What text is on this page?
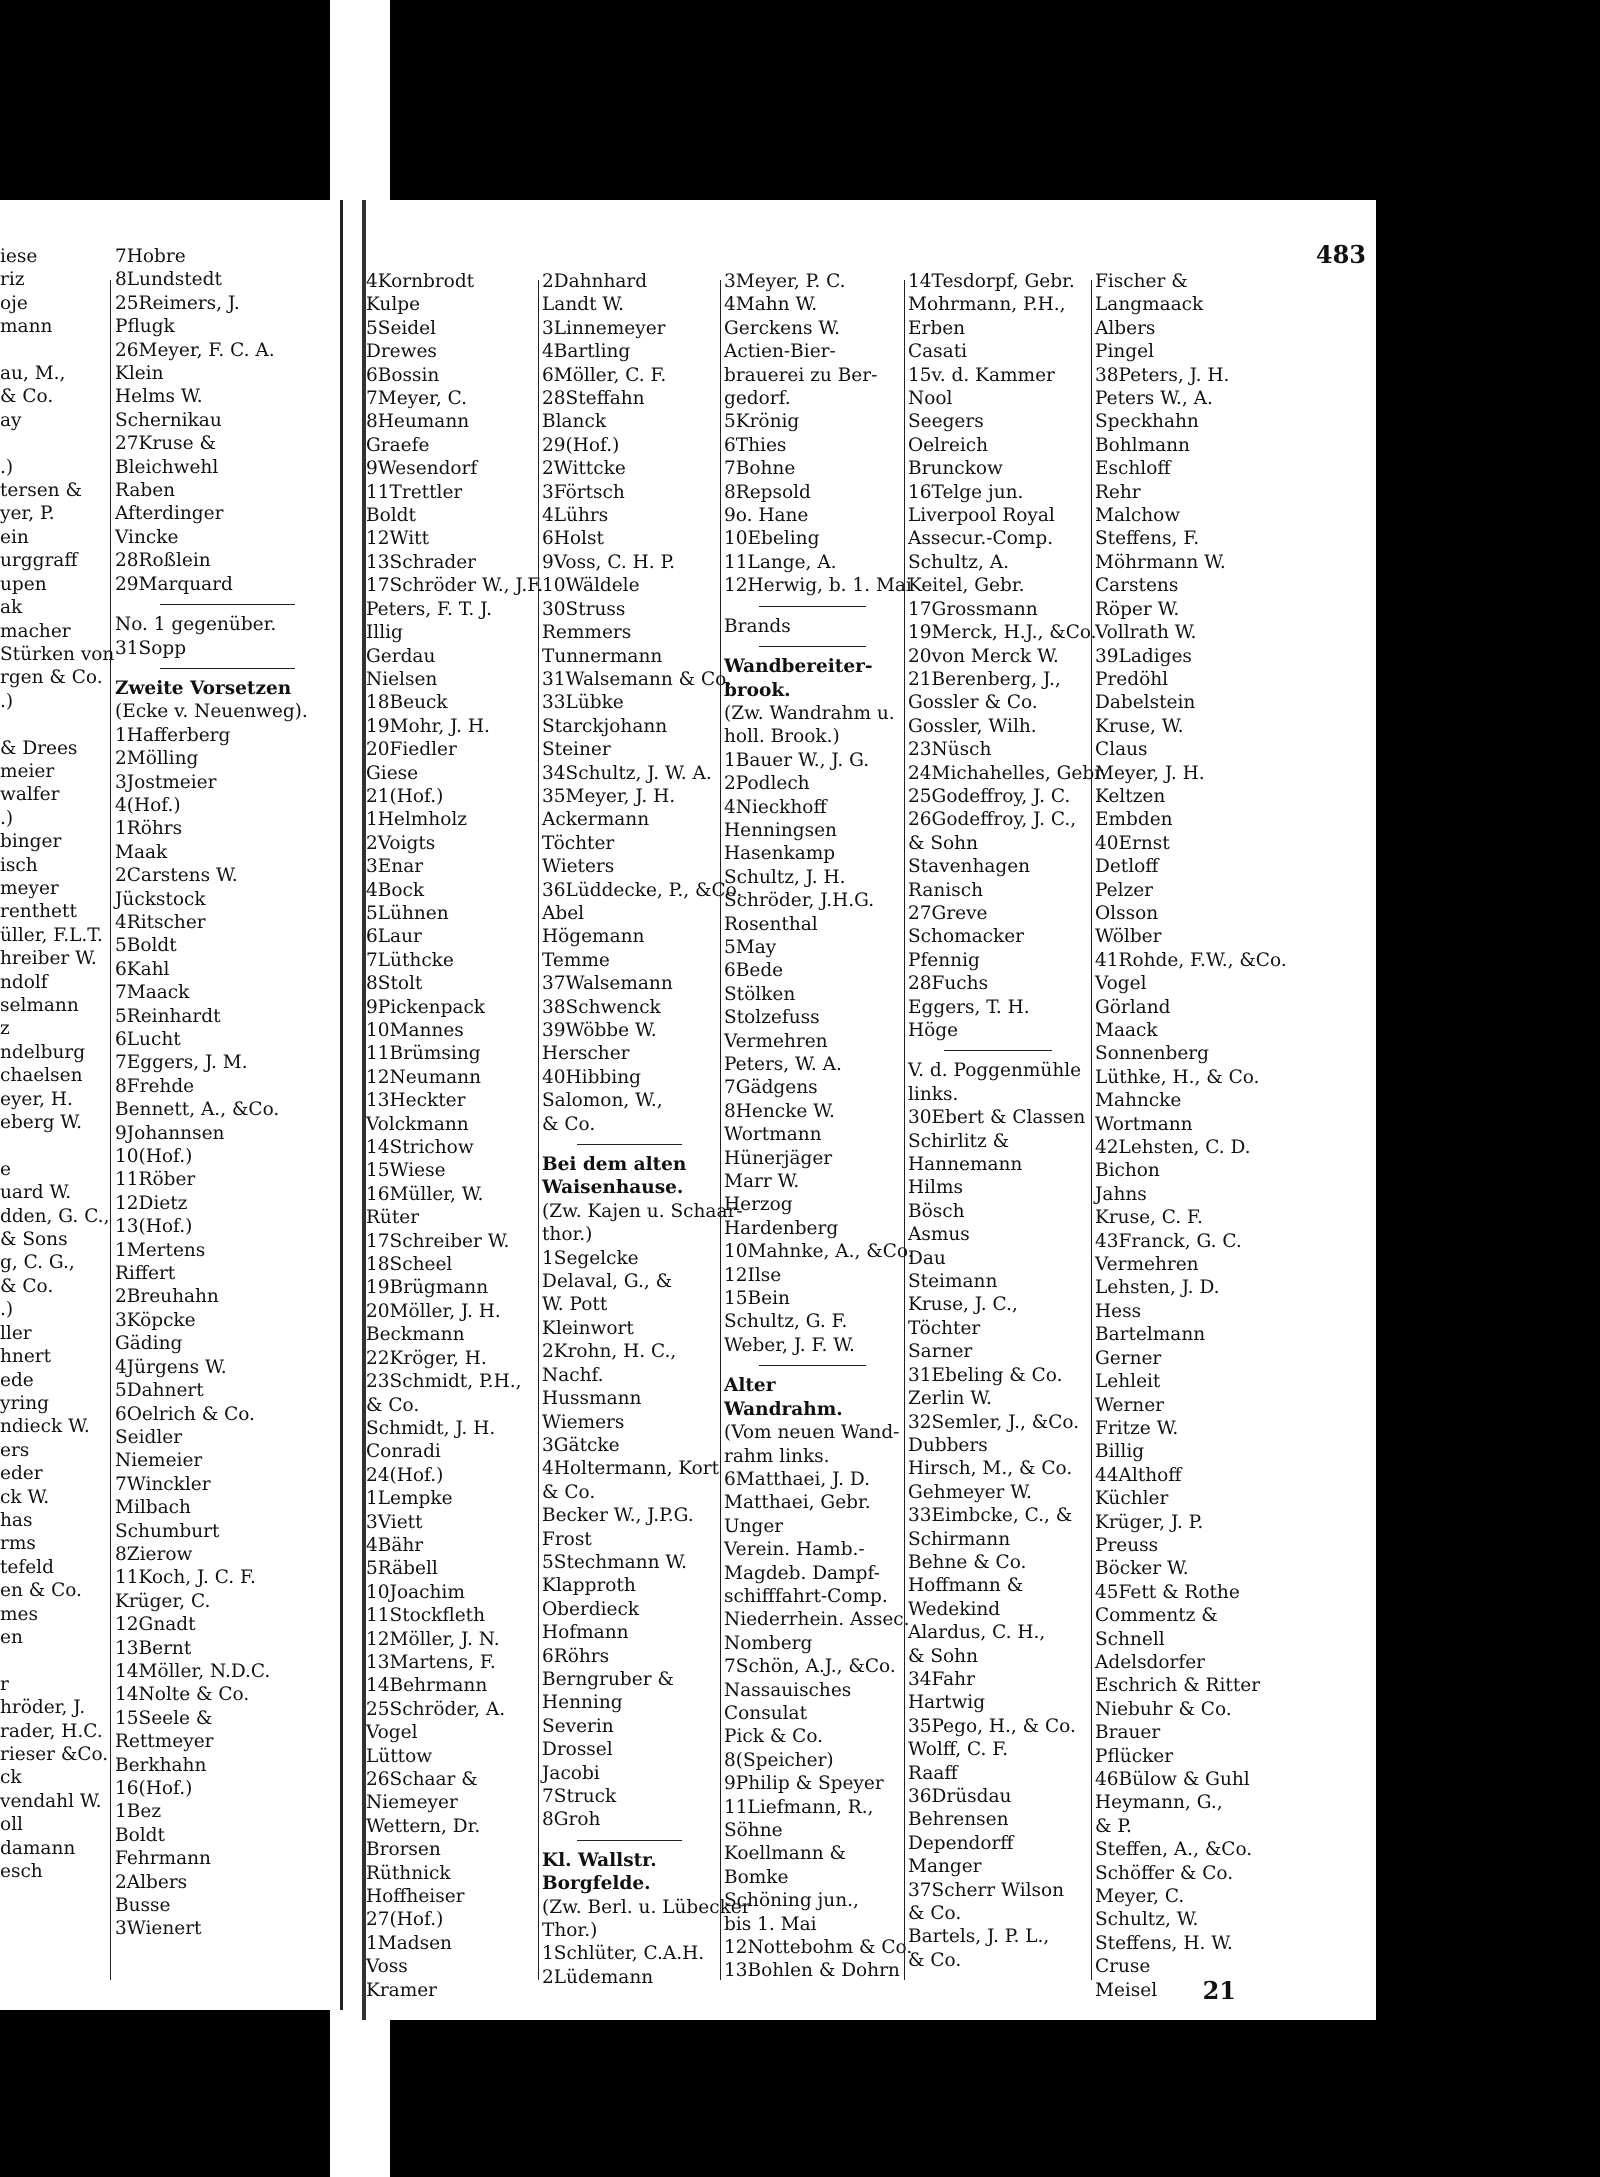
iese
riz
oje
mann

au, M.,
& Co.
ay

.)
tersen &
yer, P.
ein
urggraff
upen
ak
macher
Stürken von
rgen & Co.
.)

& Drees
meier
walfer
.)
binger
isch
meyer
renthett
üller, F.L.T.
hreiber W.
ndolf
selmann
z
ndelburg
chaelsen
eyer, H.
eberg W.

e
uard W.
dden, G. C.,
& Sons
g, C. G.,
& Co.
.)
ller
hnert
ede
yring
ndieck W.
ers
eder
ck W.
has
rms
tefeld
en & Co.
mes
en

r
hröder, J.
rader, H.C.
rieser &Co.
ck
vendahl W.
oll
damann
esch
7Hobre
8Lundstedt
25Reimers, J.
Pflugk
26Meyer, F. C. A.
Klein
Helms W.
Schernikau
27Kruse &
Bleichwehl
Raben
Afterdinger
Vincke
28Roßlein
29Marquard
No. 1 gegenüber.
31Sopp
Zweite Vorsetzen
(Ecke v. Neuenweg).
1Hafferberg
2Mölling
3Jostmeier
4(Hof.)
1Röhrs
Maak
2Carstens W.
Jückstock
4Ritscher
5Boldt
6Kahl
7Maack
5Reinhardt
6Lucht
7Eggers, J. M.
8Frehde
Bennett, A., &Co.
9Johannsen
10(Hof.)
11Röber
12Dietz
13(Hof.)
1Mertens
Riffert
2Breuhahn
3Köpcke
Gäding
4Jürgens W.
5Dahnert
6Oelrich & Co.
Seidler
Niemeier
7Winckler
Milbach
Schumburt
8Zierow
11Koch, J. C. F.
Krüger, C.
12Gnadt
13Bernt
14Möller, N.D.C.
14Nolte & Co.
15Seele &
Rettmeyer
Berkhahn
16(Hof.)
1Bez
Boldt
Fehrmann
2Albers
Busse
3Wienert
483
4Kornbrodt
Kulpe
5Seidel
Drewes
6Bossin
7Meyer, C.
8Heumann
Graefe
9Wesendorf
11Trettler
Boldt
12Witt
13Schrader
17Schröder W., J.F.
Peters, F. T. J.
Illig
Gerdau
Nielsen
18Beuck
19Mohr, J. H.
20Fiedler
Giese
21(Hof.)
1Helmholz
2Voigts
3Enar
4Bock
5Lühnen
6Laur
7Lüthcke
8Stolt
9Pickenpack
10Mannes
11Brümsing
12Neumann
13Heckter
Volckmann
14Strichow
15Wiese
16Müller, W.
Rüter
17Schreiber W.
18Scheel
19Brügmann
20Möller, J. H.
Beckmann
22Kröger, H.
23Schmidt, P.H.,
& Co.
Schmidt, J. H.
Conradi
24(Hof.)
1Lempke
3Viett
4Bähr
5Räbell
10Joachim
11Stockfleth
12Möller, J. N.
13Martens, F.
14Behrmann
25Schröder, A.
Vogel
Lüttow
26Schaar &
Niemeyer
Wettern, Dr.
Brorsen
Rüthnick
Hoffheiser
27(Hof.)
1Madsen
Voss
Kramer
2Dahnhard
Landt W.
3Linnemeyer
4Bartling
6Möller, C. F.
28Steffahn
Blanck
29(Hof.)
2Wittcke
3Förtsch
4Lührs
6Holst
9Voss, C. H. P.
10Wäldele
30Struss
Remmers
Tunnermann
31Walsemann & Co.
33Lübke
Starckjohann
Steiner
34Schultz, J. W. A.
35Meyer, J. H.
Ackermann
Töchter
Wieters
36Lüddecke, P., &Co.
Abel
Högemann
Temme
37Walsemann
38Schwenck
39Wöbbe W.
Herscher
40Hibbing
Salomon, W.,
& Co.
Bei dem alten
Waisenhause.
(Zw. Kajen u. Schaar-
thor.)
1Segelcke
Delaval, G., &
W. Pott
Kleinwort
2Krohn, H. C.,
Nachf.
Hussmann
Wiemers
3Gätcke
4Holtermann, Kort
& Co.
Becker W., J.P.G.
Frost
5Stechmann W.
Klapproth
Oberdieck
Hofmann
6Röhrs
Berngruber &
Henning
Severin
Drossel
Jacobi
7Struck
8Groh
Kl. Wallstr.
Borgfelde.
(Zw. Berl. u. Lübecker
Thor.)
1Schlüter, C.A.H.
2Lüdemann
3Meyer, P. C.
4Mahn W.
Gerckens W.
Actien-Bier-
brauerei zu Ber-
gedorf.
5Krönig
6Thies
7Bohne
8Repsold
9o. Hane
10Ebeling
11Lange, A.
12Herwig, b. 1. Mai
Brands
Wandbereiter-
brook.
(Zw. Wandrahm u.
holl. Brook.)
1Bauer W., J. G.
2Podlech
4Nieckhoff
Henningsen
Hasenkamp
Schultz, J. H.
Schröder, J.H.G.
Rosenthal
5May
6Bede
Stölken
Stolzefuss
Vermehren
Peters, W. A.
7Gädgens
8Hencke W.
Wortmann
Hünerjäger
Marr W.
Herzog
Hardenberg
10Mahnke, A., &Co.
12Ilse
15Bein
Schultz, G. F.
Weber, J. F. W.
Alter
Wandrahm.
(Vom neuen Wand-
rahm links.
6Matthaei, J. D.
Matthaei, Gebr.
Unger
Verein. Hamb.-
Magdeb. Dampf-
schifffahrt-Comp.
Niederrhein. Assec.
Nomberg
7Schön, A.J., &Co.
Nassauisches
Consulat
Pick & Co.
8(Speicher)
9Philip & Speyer
11Liefmann, R.,
Söhne
Koellmann &
Bomke
Schöning jun.,
bis 1. Mai
12Nottebohm & Co.
13Bohlen & Dohrn
14Tesdorpf, Gebr.
Mohrmann, P.H.,
Erben
Casati
15v. d. Kammer
Nool
Seegers
Oelreich
Brunckow
16Telge jun.
Liverpool Royal
Assecur.-Comp.
Schultz, A.
Keitel, Gebr.
17Grossmann
19Merck, H.J., &Co.
20von Merck W.
21Berenberg, J.,
Gossler & Co.
Gossler, Wilh.
23Nüsch
24Michahelles, Gebr.
25Godeffroy, J. C.
26Godeffroy, J. C.,
& Sohn
Stavenhagen
Ranisch
27Greve
Schomacker
Pfennig
28Fuchs
Eggers, T. H.
Höge
V. d. Poggenmühle
links.
30Ebert & Classen
Schirlitz &
Hannemann
Hilms
Bösch
Asmus
Dau
Steimann
Kruse, J. C.,
Töchter
Sarner
31Ebeling & Co.
Zerlin W.
32Semler, J., &Co.
Dubbers
Hirsch, M., & Co.
Gehmeyer W.
33Eimbcke, C., &
Schirmann
Behne & Co.
Hoffmann &
Wedekind
Alardus, C. H.,
& Sohn
34Fahr
Hartwig
35Pego, H., & Co.
Wolff, C. F.
Raaff
36Drüsdau
Behrensen
Dependorff
Manger
37Scherr Wilson
& Co.
Bartels, J. P. L.,
& Co.
Fischer &
Langmaack
Albers
Pingel
38Peters, J. H.
Peters W., A.
Speckhahn
Bohlmann
Eschloff
Rehr
Malchow
Steffens, F.
Möhrmann W.
Carstens
Röper W.
Vollrath W.
39Ladiges
Predöhl
Dabelstein
Kruse, W.
Claus
Meyer, J. H.
Keltzen
Embden
40Ernst
Detloff
Pelzer
Olsson
Wölber
41Rohde, F.W., &Co.
Vogel
Görland
Maack
Sonnenberg
Lüthke, H., & Co.
Mahncke
Wortmann
42Lehsten, C. D.
Bichon
Jahns
Kruse, C. F.
43Franck, G. C.
Vermehren
Lehsten, J. D.
Hess
Bartelmann
Gerner
Lehleit
Werner
Fritze W.
Billig
44Althoff
Küchler
Krüger, J. P.
Preuss
Böcker W.
45Fett & Rothe
Commentz &
Schnell
Adelsdorfer
Eschrich & Ritter
Niebuhr & Co.
Brauer
Pflücker
46Bülow & Guhl
Heymann, G.,
& P.
Steffen, A., &Co.
Schöffer & Co.
Meyer, C.
Schultz, W.
Steffens, H. W.
Cruse
Meisel	21
